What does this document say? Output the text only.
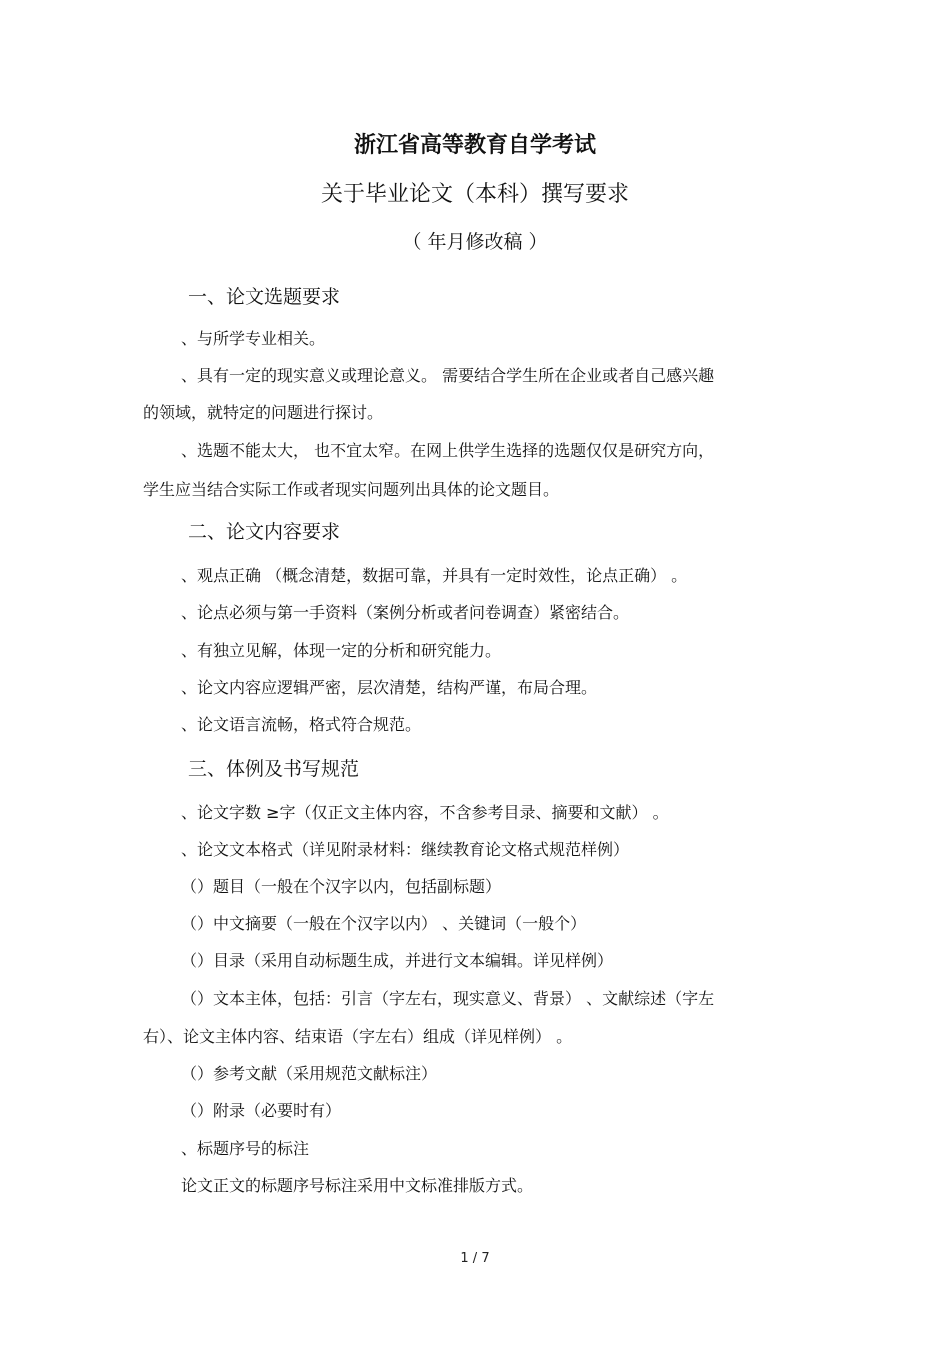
浙江省高等教育自学考试
关于毕业论文（本科）撰写要求
（ 年月修改稿 ）
一、论文选题要求

、与所学专业相关。

、具有一定的现实意义或理论意义。 需要结合学生所在企业或者自己感兴趣

的领域，就特定的问题进行探讨。

、选题不能太大， 也不宜太窄。在网上供学生选择的选题仅仅是研究方向，

学生应当结合实际工作或者现实问题列出具体的论文题目。

二、论文内容要求

、观点正确 （概念清楚，数据可靠，并具有一定时效性，论点正确） 。

、论点必须与第一手资料（案例分析或者问卷调查）紧密结合。

、有独立见解，体现一定的分析和研究能力。

、论文内容应逻辑严密，层次清楚，结构严谨，布局合理。

、论文语言流畅，格式符合规范。

三、体例及书写规范

、论文字数 ≥字（仅正文主体内容，不含参考目录、摘要和文献） 。

、论文文本格式（详见附录材料：继续教育论文格式规范样例）

（）题目（一般在个汉字以内，包括副标题）

（）中文摘要（一般在个汉字以内） 、关键词（一般个）

（）目录（采用自动标题生成，并进行文本编辑。详见样例）

（）文本主体，包括：引言（字左右，现实意义、背景） 、文献综述（字左

右）、论文主体内容、结束语（字左右）组成（详见样例） 。

（）参考文献（采用规范文献标注）

（）附录（必要时有）

、标题序号的标注

论文正文的标题序号标注采用中文标准排版方式。

1 / 7
